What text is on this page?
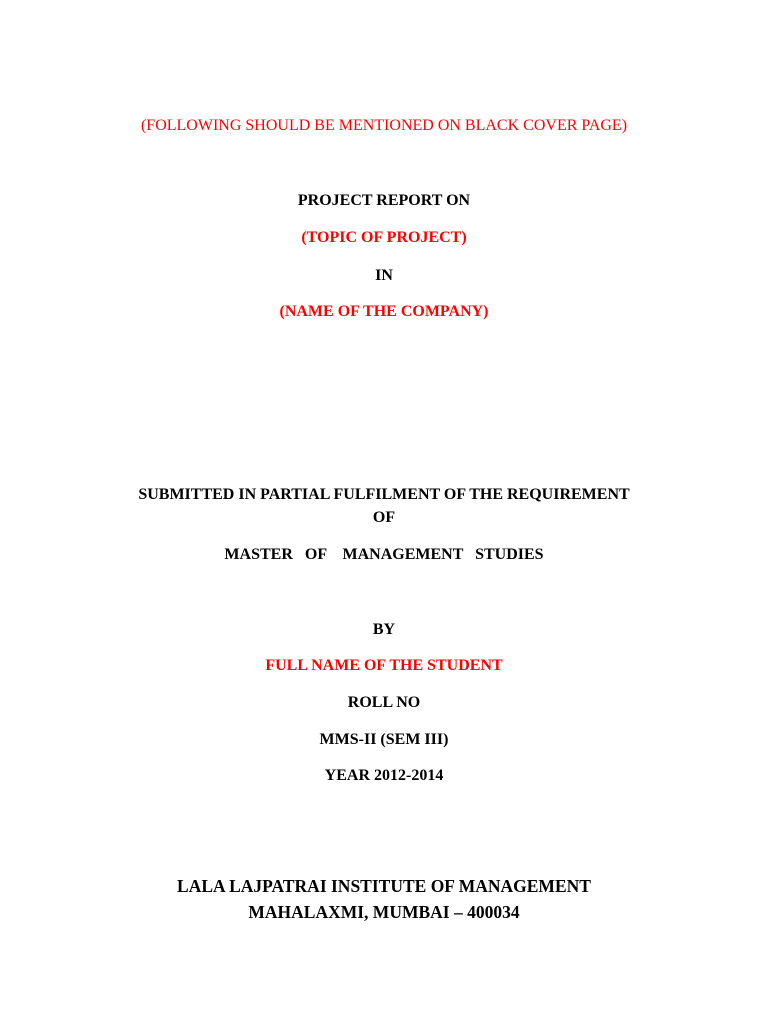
(FOLLOWING SHOULD BE MENTIONED ON BLACK COVER PAGE)
PROJECT REPORT ON
(TOPIC OF PROJECT)
IN
(NAME OF THE COMPANY)
SUBMITTED IN PARTIAL FULFILMENT OF THE REQUIREMENT
OF
MASTER   OF    MANAGEMENT   STUDIES
BY
FULL NAME OF THE STUDENT
ROLL NO
MMS-II (SEM III)
YEAR 2012-2014
LALA LAJPATRAI INSTITUTE OF MANAGEMENT
MAHALAXMI, MUMBAI – 400034
